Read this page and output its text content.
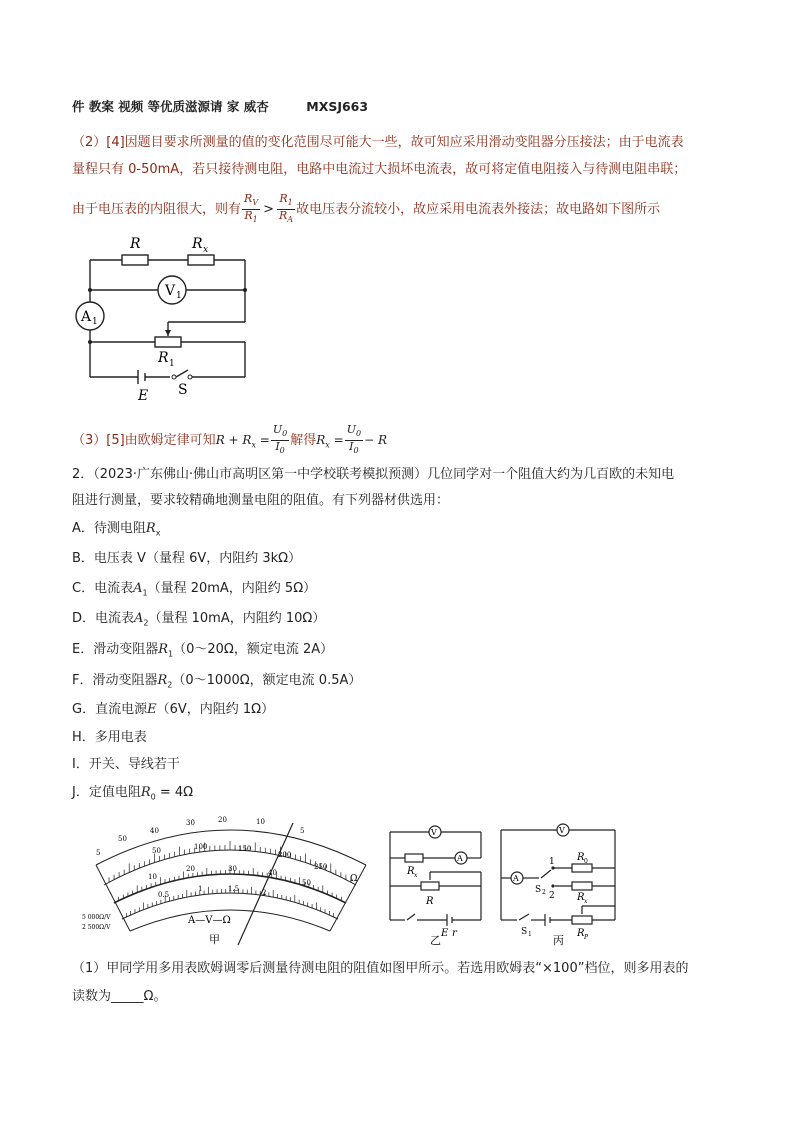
件 教案 视频 等优质滋源请 家 威杏　　　MXSJ663
（2）[4]因题目要求所测量的值的变化范围尽可能大一些，故可知应采用滑动变阻器分压接法；由于电流表
量程只有 0-50mA，若只接待测电阻，电路中电流过大损坏电流表，故可将定值电阻接入与待测电阻串联；
由于电压表的内阻很大，则有 $\frac{R_V}{R_1} > \frac{R_1}{R_A}$ 故电压表分流较小，故应采用电流表外接法；故电路如下图所示
R	R x
V 1
A 1
R 1
S
E
（3）[5]由欧姆定律可知$R + R_x = \frac{U_0}{I_0}$ 解得$R_x = \frac{U_0}{I_0} - R$
2．（2023·广东佛山·佛山市高明区第一中学校联考模拟预测）几位同学对一个阻值大约为几百欧的未知电
阻进行测量，要求较精确地测量电阻的阻值。有下列器材供选用：
A．待测电阻$R_x$
B．电压表 V（量程 6V，内阻约 3kΩ）
C．电流表$A_1$（量程 20mA，内阻约 5Ω）
D．电流表$A_2$（量程 10mA，内阻约 10Ω）
E．滑动变阻器$R_1(0\sim 20\Omega$，额定电流 2A）
F．滑动变阻器$R_2(0\sim 1000\Omega$，额定电流 0.5A）
G．直流电源E（6V，内阻约 1Ω）
H．多用电表
I．开关、导线若干
J．定值电阻$R_0 = 4\Omega$
5
50
40
30	20	10
5
50	100	150
200
250
10
20	30	40
50
0.5
1	1.5	2
Ω
A—V—Ω
5 000Ω/V
2 500Ω/V
甲
V
A
R x
R
E r
乙
V
A
1
2
S 2
R 0
R x
R P
S 1 丙
（1）甲同学用多用表欧姆调零后测量待测电阻的阻值如图甲所示。若选用欧姆表“×100”档位，则多用表的
读数为_____Ω。
